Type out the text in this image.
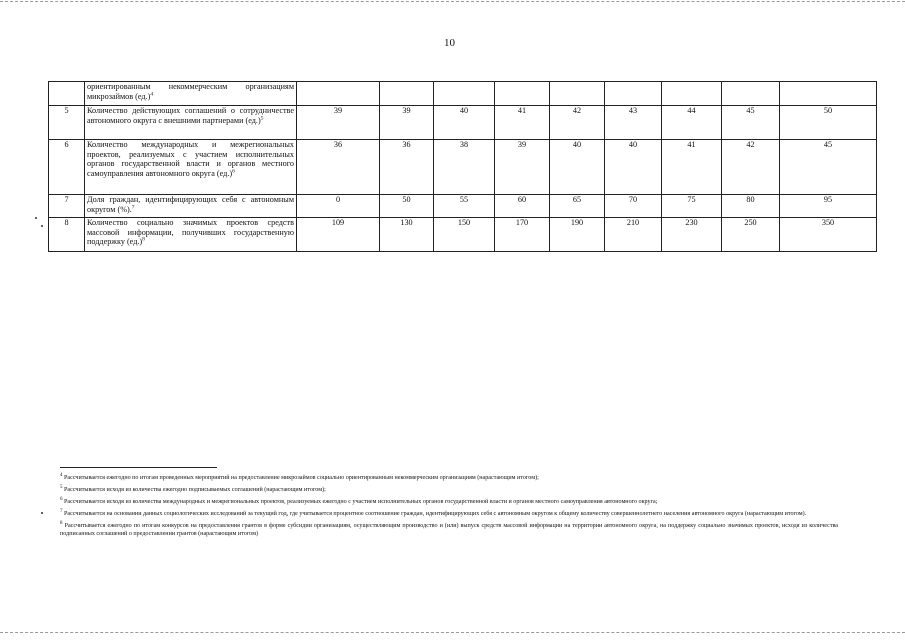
10
	ориентированным некоммерческим организациям микрозаймов $(ед.)^4$									
5	Количество действующих соглашений о сотрудничестве автономного округа с внешними партнерами $(ед.)^5$	39	39	40	41	42	43	44	45	50
6	Количество международных и межрегиональных проектов, реализуемых с участием исполнительных органов государственной власти и органов местного самоуправления автономного округа $(ед.)^6$	36	36	38	39	40	40	41	42	45
7	Доля граждан, идентифицирующих себя с автономным округом (%).$^7$	0	50	55	60	65	70	75	80	95
8	Количество социально значимых проектов средств массовой информации, получивших государственную поддержку $(ед.)^8$	109	130	150	170	190	210	230	250	350
$^4$ Рассчитывается ежегодно по итогам проведенных мероприятий на предоставление микрозаймов социально ориентированным некоммерческим организациям (нарастающим итогом);
$^5$ Рассчитывается исходя из количества ежегодно подписываемых соглашений (нарастающим итогом);
$^6$ Рассчитывается исходя из количества международных и межрегиональных проектов, реализуемых ежегодно с участием исполнительных органов государственной власти и органов местного самоуправления автономного округа;
$^7$ Рассчитывается на основании данных социологических исследований за текущий год, где учитывается процентное соотношение граждан, идентифицирующих себя с автономным округом к общему количеству совершеннолетнего населения автономного округа (нарастающим итогом).
$^8$ Рассчитывается ежегодно по итогам конкурсов на предоставления грантов в форме субсидии организациям, осуществляющим производство и (или) выпуск средств массовой информации на территории автономного округа, на поддержку социально значимых проектов, исходя из количества подписанных соглашений о предоставлении грантов (нарастающим итогом)
